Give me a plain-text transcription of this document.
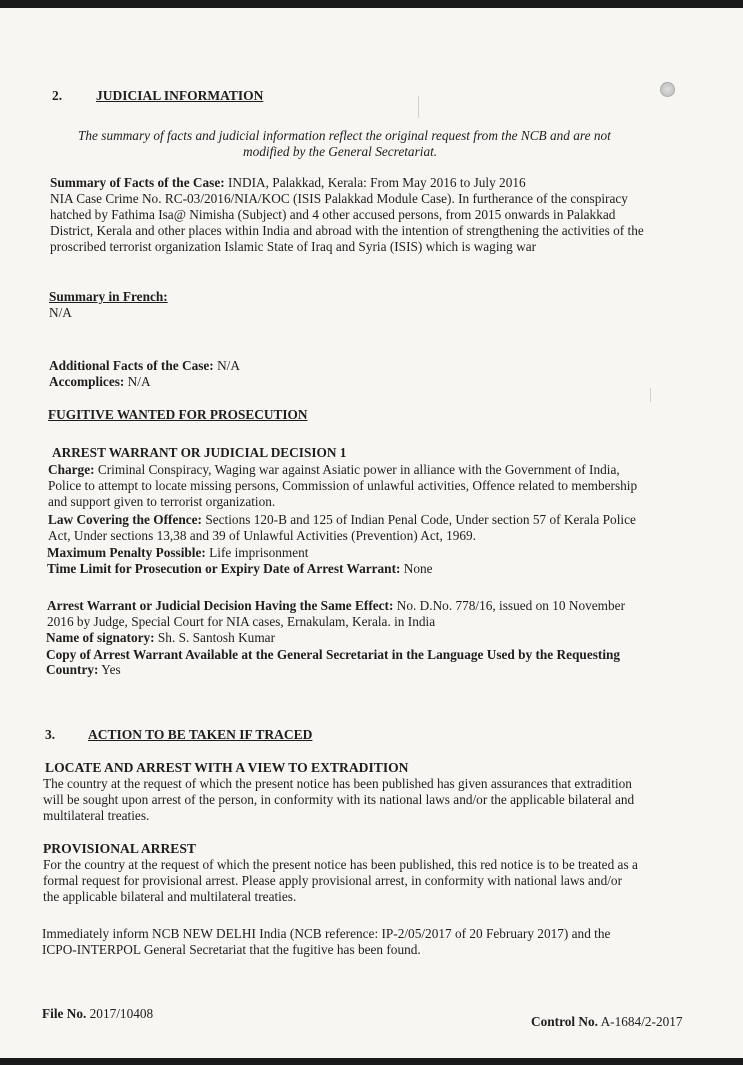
2.	JUDICIAL INFORMATION
The summary of facts and judicial information reflect the original request from the NCB and are not
modified by the General Secretariat.
Summary of Facts of the Case: INDIA, Palakkad, Kerala: From May 2016 to July 2016
NIA Case Crime No. RC-03/2016/NIA/KOC (ISIS Palakkad Module Case). In furtherance of the conspiracy
hatched by Fathima Isa@ Nimisha (Subject) and 4 other accused persons, from 2015 onwards in Palakkad
District, Kerala and other places within India and abroad with the intention of strengthening the activities of the
proscribed terrorist organization Islamic State of Iraq and Syria (ISIS) which is waging war
Summary in French:
N/A
Additional Facts of the Case: N/A
Accomplices: N/A
FUGITIVE WANTED FOR PROSECUTION
ARREST WARRANT OR JUDICIAL DECISION 1
Charge: Criminal Conspiracy, Waging war against Asiatic power in alliance with the Government of India,
Police to attempt to locate missing persons, Commission of unlawful activities, Offence related to membership
and support given to terrorist organization.
Law Covering the Offence: Sections 120-B and 125 of Indian Penal Code, Under section 57 of Kerala Police
Act, Under sections 13,38 and 39 of Unlawful Activities (Prevention) Act, 1969.
Maximum Penalty Possible: Life imprisonment
Time Limit for Prosecution or Expiry Date of Arrest Warrant: None
Arrest Warrant or Judicial Decision Having the Same Effect: No. D.No. 778/16, issued on 10 November
2016 by Judge, Special Court for NIA cases, Ernakulam, Kerala. in India
Name of signatory: Sh. S. Santosh Kumar
Copy of Arrest Warrant Available at the General Secretariat in the Language Used by the Requesting
Country: Yes
3. ACTION TO BE TAKEN IF TRACED
LOCATE AND ARREST WITH A VIEW TO EXTRADITION
The country at the request of which the present notice has been published has given assurances that extradition
will be sought upon arrest of the person, in conformity with its national laws and/or the applicable bilateral and
multilateral treaties.
PROVISIONAL ARREST
For the country at the request of which the present notice has been published, this red notice is to be treated as a
formal request for provisional arrest. Please apply provisional arrest, in conformity with national laws and/or
the applicable bilateral and multilateral treaties.
Immediately inform NCB NEW DELHI India (NCB reference: IP-2/05/2017 of 20 February 2017) and the
ICPO-INTERPOL General Secretariat that the fugitive has been found.
File No. 2017/10408
Control No. A-1684/2-2017
